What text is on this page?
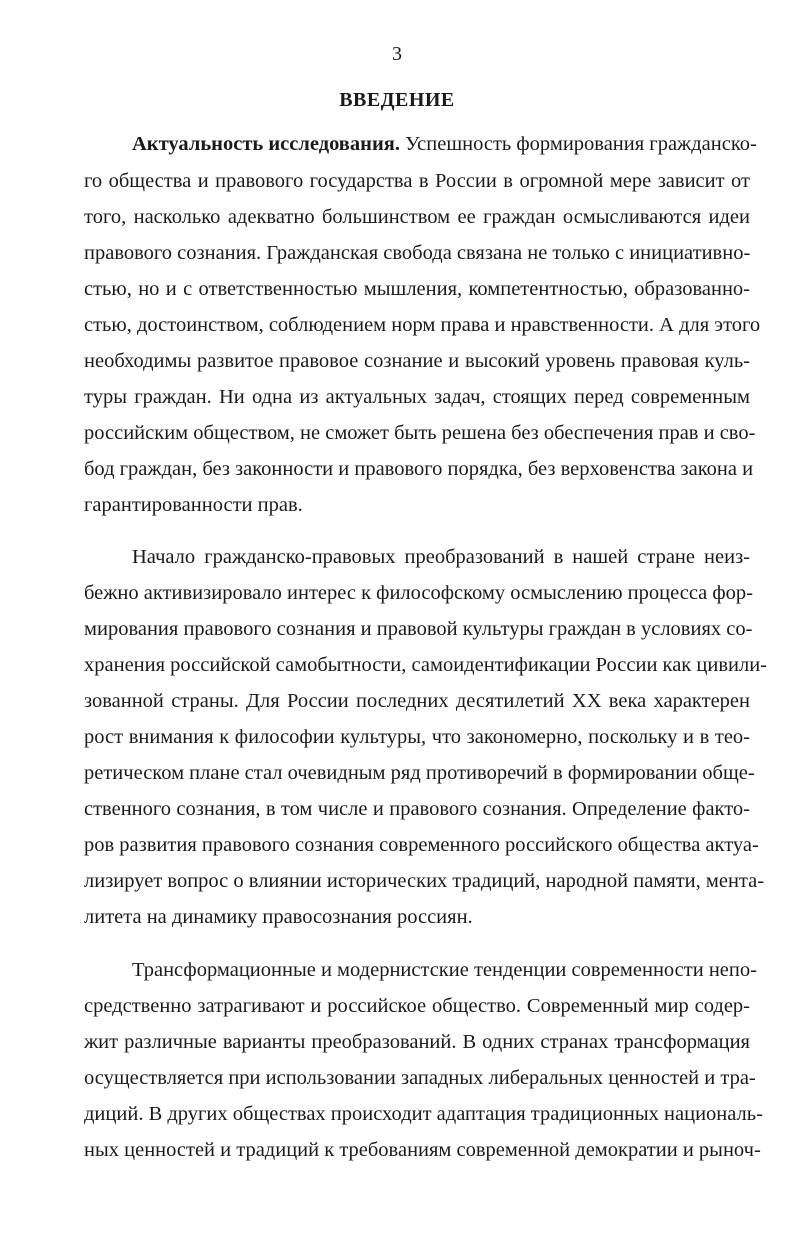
3
ВВЕДЕНИЕ
Актуальность исследования. Успешность формирования гражданско-
го общества и правового государства в России в огромной мере зависит от
того, насколько адекватно большинством ее граждан осмысливаются идеи
правового сознания. Гражданская свобода связана не только с инициативно-
стью, но и с ответственностью мышления, компетентностью, образованно-
стью, достоинством, соблюдением норм права и нравственности. А для этого
необходимы развитое правовое сознание и высокий уровень правовая куль-
туры граждан. Ни одна из актуальных задач, стоящих перед современным
российским обществом, не сможет быть решена без обеспечения прав и сво-
бод граждан, без законности и правового порядка, без верховенства закона и
гарантированности прав.
Начало гражданско-правовых преобразований в нашей стране неиз-
бежно активизировало интерес к философскому осмыслению процесса фор-
мирования правового сознания и правовой культуры граждан в условиях со-
хранения российской самобытности, самоидентификации России как цивили-
зованной страны. Для России последних десятилетий XX века характерен
рост внимания к философии культуры, что закономерно, поскольку и в тео-
ретическом плане стал очевидным ряд противоречий в формировании обще-
ственного сознания, в том числе и правового сознания. Определение факто-
ров развития правового сознания современного российского общества актуа-
лизирует вопрос о влиянии исторических традиций, народной памяти, мента-
литета на динамику правосознания россиян.
Трансформационные и модернистские тенденции современности непо-
средственно затрагивают и российское общество. Современный мир содер-
жит различные варианты преобразований. В одних странах трансформация
осуществляется при использовании западных либеральных ценностей и тра-
диций. В других обществах происходит адаптация традиционных националь-
ных ценностей и традиций к требованиям современной демократии и рыноч-
